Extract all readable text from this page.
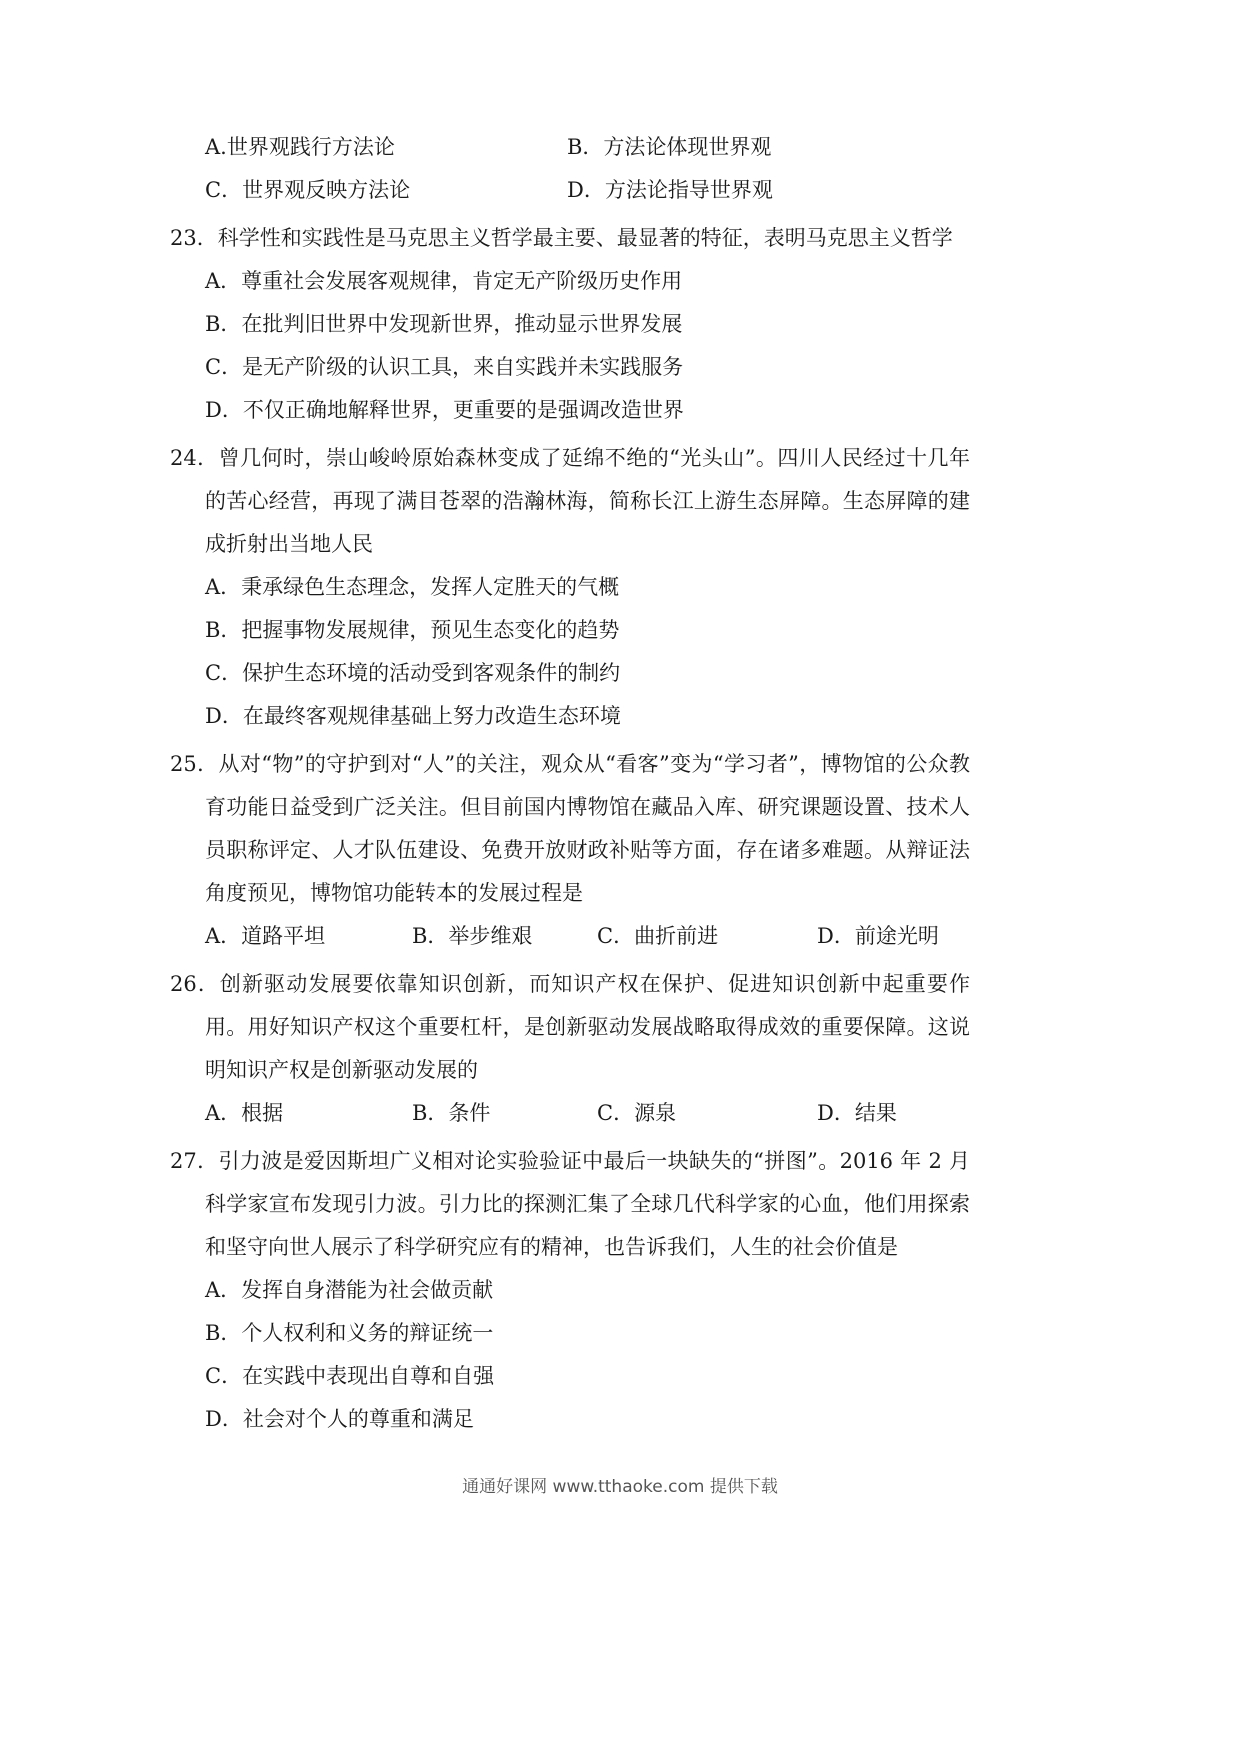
A.世界观践行方法论	B．方法论体现世界观
C．世界观反映方法论	D．方法论指导世界观
23．科学性和实践性是马克思主义哲学最主要、最显著的特征，表明马克思主义哲学
A．尊重社会发展客观规律，肯定无产阶级历史作用
B．在批判旧世界中发现新世界，推动显示世界发展
C．是无产阶级的认识工具，来自实践并未实践服务
D．不仅正确地解释世界，更重要的是强调改造世界
24．曾几何时，崇山峻岭原始森林变成了延绵不绝的“光头山”。四川人民经过十几年的苦心经营，再现了满目苍翠的浩瀚林海，简称长江上游生态屏障。生态屏障的建成折射出当地人民
A．秉承绿色生态理念，发挥人定胜天的气概
B．把握事物发展规律，预见生态变化的趋势
C．保护生态环境的活动受到客观条件的制约
D．在最终客观规律基础上努力改造生态环境
25．从对“物”的守护到对“人”的关注，观众从“看客”变为“学习者”，博物馆的公众教育功能日益受到广泛关注。但目前国内博物馆在藏品入库、研究课题设置、技术人员职称评定、人才队伍建设、免费开放财政补贴等方面，存在诸多难题。从辩证法角度预见，博物馆功能转本的发展过程是
A．道路平坦	B．举步维艰	C．曲折前进	D．前途光明
26．创新驱动发展要依靠知识创新，而知识产权在保护、促进知识创新中起重要作用。用好知识产权这个重要杠杆，是创新驱动发展战略取得成效的重要保障。这说明知识产权是创新驱动发展的
A．根据	B．条件	C．源泉	D．结果
27．引力波是爱因斯坦广义相对论实验验证中最后一块缺失的“拼图”。2016 年 2 月科学家宣布发现引力波。引力比的探测汇集了全球几代科学家的心血，他们用探索和坚守向世人展示了科学研究应有的精神，也告诉我们，人生的社会价值是
A．发挥自身潜能为社会做贡献
B．个人权利和义务的辩证统一
C．在实践中表现出自尊和自强
D．社会对个人的尊重和满足
通通好课网 www.tthaoke.com 提供下载
